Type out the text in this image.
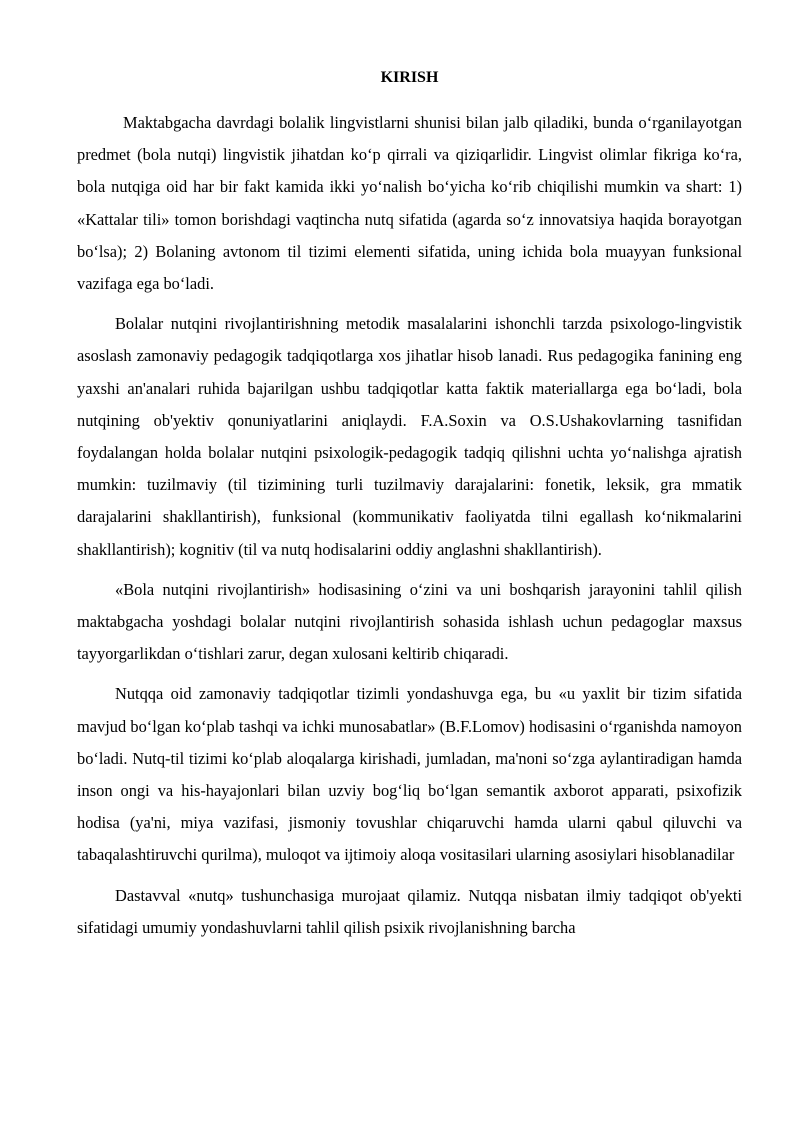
KIRISH

Maktabgacha davrdagi bolalik lingvistlarni shunisi bilan jalb qiladiki, bunda o‘rganilayotgan predmet (bola nutqi) lingvistik jihatdan ko‘p qirrali va qiziqarlidir. Lingvist olimlar fikriga ko‘ra, bola nutqiga oid har bir fakt kamida ikki yo‘nalish bo‘yicha ko‘rib chiqilishi mumkin va shart: 1) «Kattalar tili» tomon borishdagi vaqtincha nutq sifatida (agarda so‘z innovatsiya haqida borayotgan bo‘lsa); 2) Bolaning avtonom til tizimi elementi sifatida, uning ichida bola muayyan funksional vazifaga ega bo‘ladi.

Bolalar nutqini rivojlantirishning metodik masalalarini ishonchli tarzda psixologo-lingvistik asoslash zamonaviy pedagogik tadqiqotlarga xos jihatlar hisob lanadi. Rus pedagogika fanining eng yaxshi an'analari ruhida bajarilgan ushbu tadqiqotlar katta faktik materiallarga ega bo‘ladi, bola nutqining ob'yektiv qonuniyatlarini aniqlaydi. F.A.Soxin va O.S.Ushakovlarning tasnifidan foydalangan holda bolalar nutqini psixologik-pedagogik tadqiq qilishni uchta yo‘nalishga ajratish mumkin: tuzilmaviy (til tizimining turli tuzilmaviy darajalarini: fonetik, leksik, gra mmatik darajalarini shakllantirish), funksional (kommunikativ faoliyatda tilni egallash ko‘nikmalarini shakllantirish); kognitiv (til va nutq hodisalarini oddiy anglashni shakllantirish).

«Bola nutqini rivojlantirish» hodisasining o‘zini va uni boshqarish jarayonini tahlil qilish maktabgacha yoshdagi bolalar nutqini rivojlantirish sohasida ishlash uchun pedagoglar maxsus tayyorgarlikdan o‘tishlari zarur, degan xulosani keltirib chiqaradi.

Nutqqa oid zamonaviy tadqiqotlar tizimli yondashuvga ega, bu «u yaxlit bir tizim sifatida mavjud bo‘lgan ko‘plab tashqi va ichki munosabatlar» (B.F.Lomov) hodisasini o‘rganishda namoyon bo‘ladi. Nutq-til tizimi ko‘plab aloqalarga kirishadi, jumladan, ma'noni so‘zga aylantiradigan hamda inson ongi va his-hayajonlari bilan uzviy bog‘liq bo‘lgan semantik axborot apparati, psixofizik hodisa (ya'ni, miya vazifasi, jismoniy tovushlar chiqaruvchi hamda ularni qabul qiluvchi va tabaqalashtiruvchi qurilma), muloqot va ijtimoiy aloqa vositasilari ularning asosiylari hisoblanadilar

Dastavval «nutq» tushunchasiga murojaat qilamiz. Nutqqa nisbatan ilmiy tadqiqot ob'yekti sifatidagi umumiy yondashuvlarni tahlil qilish psixik rivojlanishning barcha
